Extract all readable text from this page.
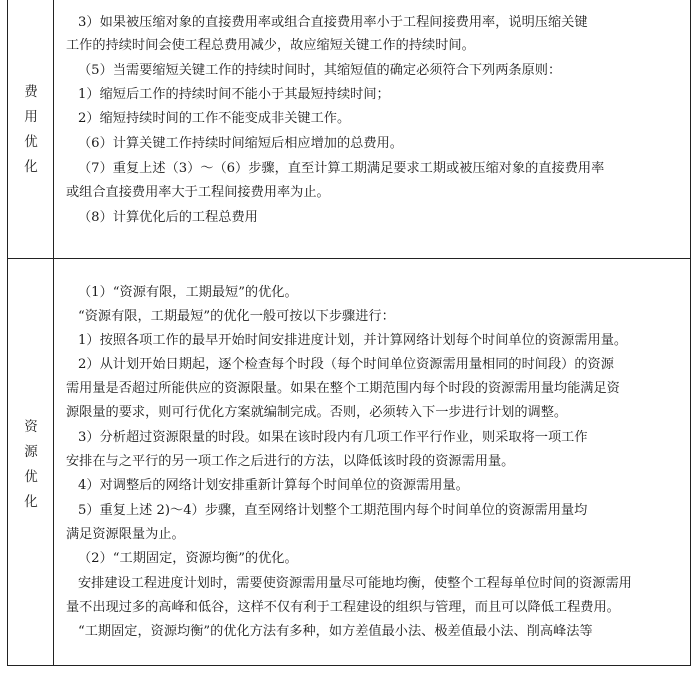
费
用
优
化
3）如果被压缩对象的直接费用率或组合直接费用率小于工程间接费用率，说明压缩关键
工作的持续时间会使工程总费用减少，故应缩短关键工作的持续时间。
（5）当需要缩短关键工作的持续时间时，其缩短值的确定必须符合下列两条原则：
1）缩短后工作的持续时间不能小于其最短持续时间；
2）缩短持续时间的工作不能变成非关键工作。
（6）计算关键工作持续时间缩短后相应增加的总费用。
（7）重复上述（3）～（6）步骤，直至计算工期满足要求工期或被压缩对象的直接费用率
或组合直接费用率大于工程间接费用率为止。
（8）计算优化后的工程总费用
资
源
优
化
（1）“资源有限，工期最短”的优化。
“资源有限，工期最短”的优化一般可按以下步骤进行：
1）按照各项工作的最早开始时间安排进度计划，并计算网络计划每个时间单位的资源需用量。
2）从计划开始日期起，逐个检查每个时段（每个时间单位资源需用量相同的时间段）的资源
需用量是否超过所能供应的资源限量。如果在整个工期范围内每个时段的资源需用量均能满足资
源限量的要求，则可行优化方案就编制完成。否则，必须转入下一步进行计划的调整。
3）分析超过资源限量的时段。如果在该时段内有几项工作平行作业，则采取将一项工作
安排在与之平行的另一项工作之后进行的方法，以降低该时段的资源需用量。
4）对调整后的网络计划安排重新计算每个时间单位的资源需用量。
5）重复上述 2)～4）步骤，直至网络计划整个工期范围内每个时间单位的资源需用量均
满足资源限量为止。
（2）“工期固定，资源均衡”的优化。
安排建设工程进度计划时，需要使资源需用量尽可能地均衡，使整个工程每单位时间的资源需用
量不出现过多的高峰和低谷，这样不仅有利于工程建设的组织与管理，而且可以降低工程费用。
“工期固定，资源均衡”的优化方法有多种，如方差值最小法、极差值最小法、削高峰法等
